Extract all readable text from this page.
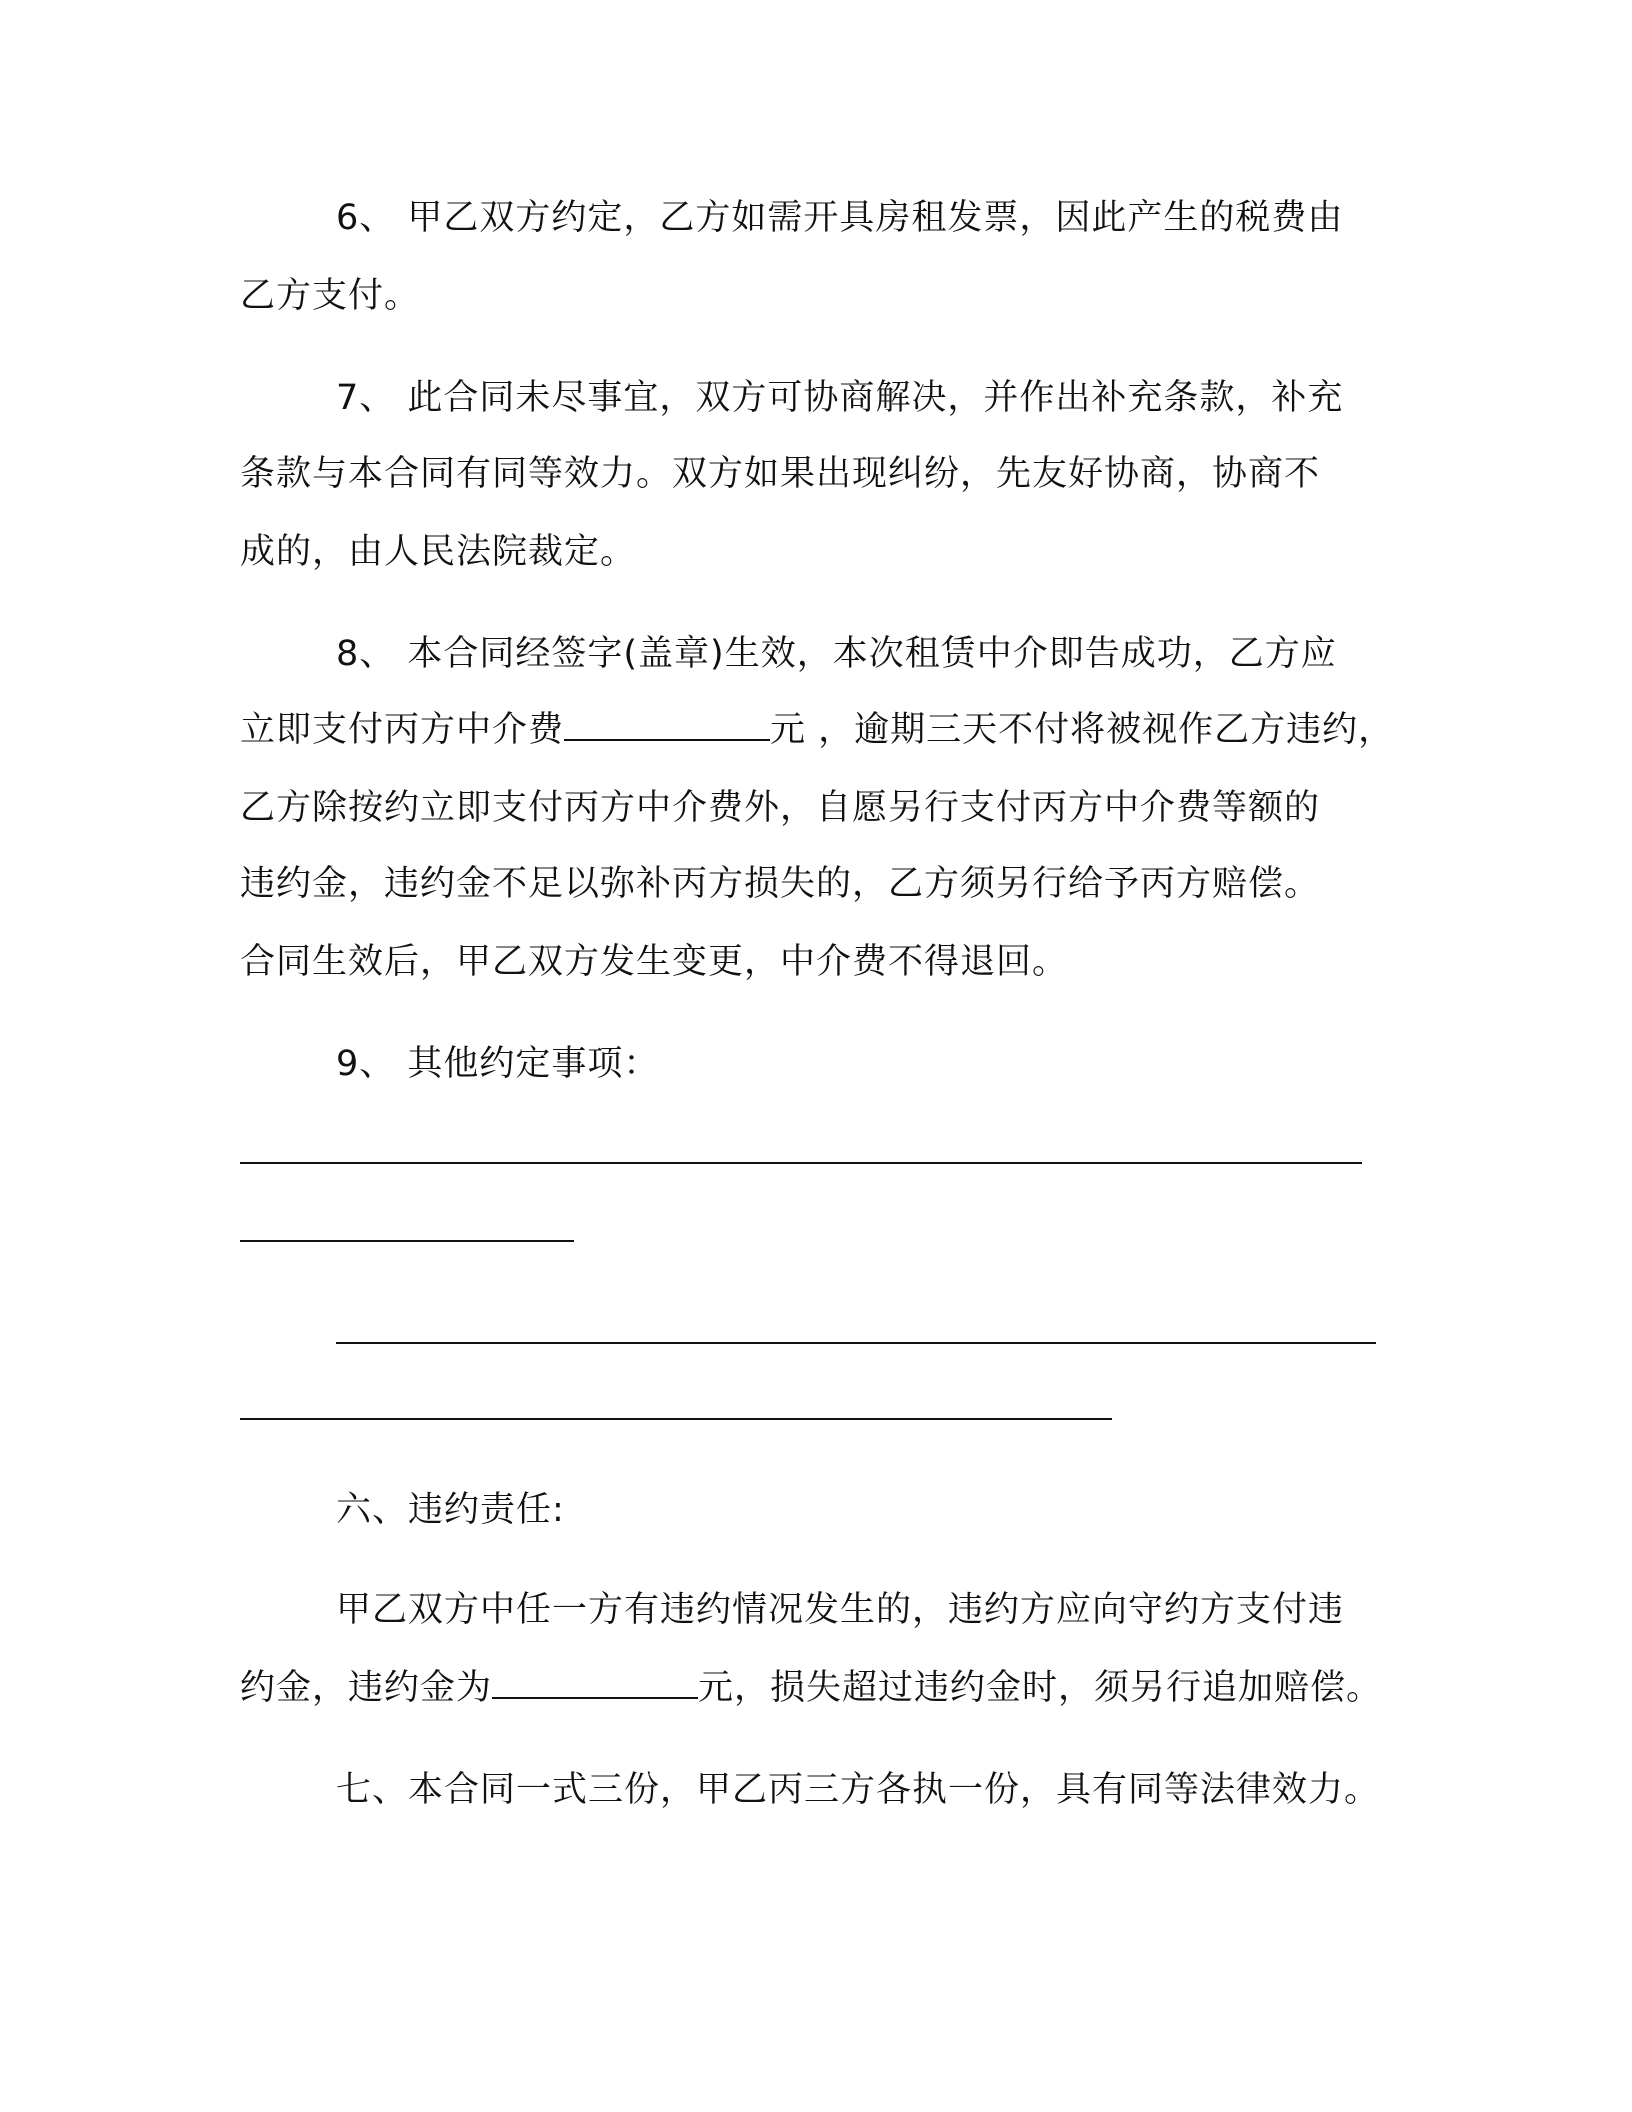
6、 甲乙双方约定，乙方如需开具房租发票，因此产生的税费由
乙方支付。
7、 此合同未尽事宜，双方可协商解决，并作出补充条款，补充
条款与本合同有同等效力。双方如果出现纠纷，先友好协商，协商不
成的，由人民法院裁定。
8、 本合同经签字(盖章)生效，本次租赁中介即告成功，乙方应
立即支付丙方中介费	元 ，逾期三天不付将被视作乙方违约，
乙方除按约立即支付丙方中介费外，自愿另行支付丙方中介费等额的
违约金，违约金不足以弥补丙方损失的，乙方须另行给予丙方赔偿。
合同生效后，甲乙双方发生变更，中介费不得退回。
9、 其他约定事项：
六、违约责任:
甲乙双方中任一方有违约情况发生的，违约方应向守约方支付违
约金，违约金为	元，损失超过违约金时，须另行追加赔偿。
七、本合同一式三份，甲乙丙三方各执一份，具有同等法律效力。
